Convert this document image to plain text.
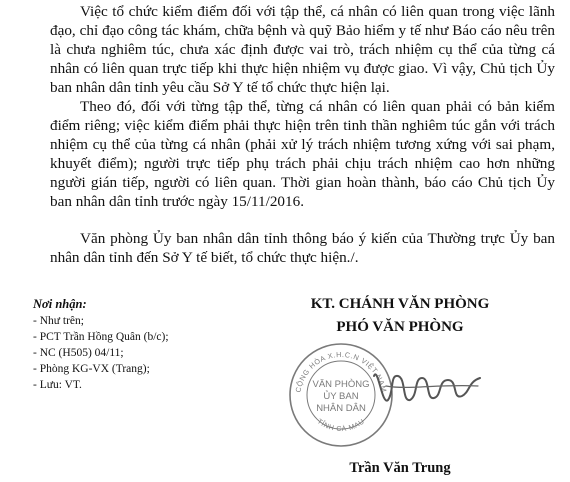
Việc tổ chức kiểm điểm đối với tập thể, cá nhân có liên quan trong việc lãnh đạo, chỉ đạo công tác khám, chữa bệnh và quỹ Bảo hiểm y tế như Báo cáo nêu trên là chưa nghiêm túc, chưa xác định được vai trò, trách nhiệm cụ thể của từng cá nhân có liên quan trực tiếp khi thực hiện nhiệm vụ được giao. Vì vậy, Chủ tịch Ủy ban nhân dân tỉnh yêu cầu Sở Y tế tổ chức thực hiện lại.

Theo đó, đối với từng tập thể, từng cá nhân có liên quan phải có bản kiểm điểm riêng; việc kiểm điểm phải thực hiện trên tinh thần nghiêm túc gắn với trách nhiệm cụ thể của từng cá nhân (phải xử lý trách nhiệm tương xứng với sai phạm, khuyết điểm); người trực tiếp phụ trách phải chịu trách nhiệm cao hơn những người gián tiếp, người có liên quan. Thời gian hoàn thành, báo cáo Chủ tịch Ủy ban nhân dân tỉnh trước ngày 15/11/2016.

Văn phòng Ủy ban nhân dân tỉnh thông báo ý kiến của Thường trực Ủy ban nhân dân tỉnh đến Sở Y tế biết, tổ chức thực hiện./.

Nơi nhận:
- Như trên;
- PCT Trần Hồng Quân (b/c);
- NC (H505) 04/11;
- Phòng KG-VX (Trang);
- Lưu: VT.
KT. CHÁNH VĂN PHÒNG
PHÓ VĂN PHÒNG
CỘNG HÒA X.H.C.N VIỆT NAM
TỈNH CÀ MAU
VĂN PHÒNG
ỦY BAN
NHÂN DÂN
Trần Văn Trung
